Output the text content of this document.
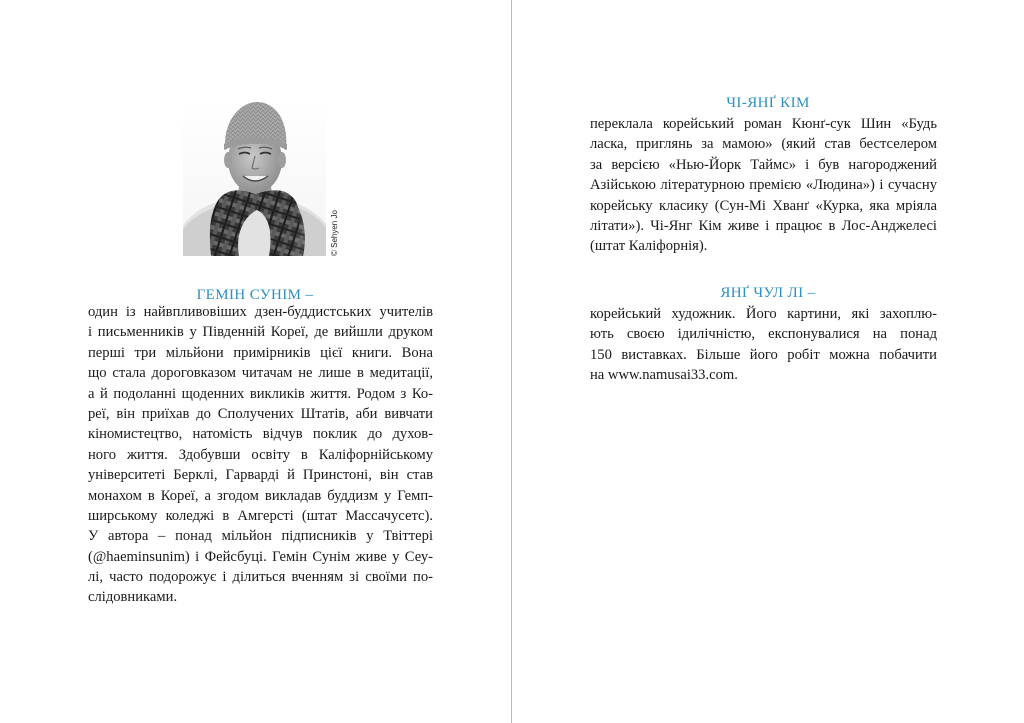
© Sehyen Jo
ГЕМІН СУНІМ –
один із найвпливовіших дзен-буддистських учителів
і письменників у Південній Кореї, де вийшли друком
перші три мільйони примірників цієї книги. Вона
що стала дороговказом читачам не лише в медитації,
а й подоланні щоденних викликів життя. Родом з Ко-
реї, він приїхав до Сполучених Штатів, аби вивчати
кіномистецтво, натомість відчув поклик до духов-
ного життя. Здобувши освіту в Каліфорнійському
університеті Берклі, Гарварді й Принстоні, він став
монахом в Кореї, а згодом викладав буддизм у Гемп-
ширському коледжі в Амгерсті (штат Массачусетс).
У автора – понад мільйон підписників у Твіттері
(@haeminsunim) і Фейсбуці. Гемін Сунім живе у Сеу-
лі, часто подорожує і ділиться вченням зі своїми по-
слідовниками.
ЧІ-ЯНҐ КІМ
переклала корейський роман Кюнґ-сук Шин «Будь
ласка, приглянь за мамою» (який став бестселером
за версією «Нью-Йорк Таймс» і був нагороджений
Азійською літературною премією «Людина») і сучасну
корейську класику (Сун-Мі Хванґ «Курка, яка мріяла
літати»). Чі-Янг Кім живе і працює в Лос-Анджелесі
(штат Каліфорнія).
ЯНҐ ЧУЛ ЛІ –
корейський художник. Його картини, які захоплю-
ють своєю ідилічністю, експонувалися на понад
150 виставках. Більше його робіт можна побачити
на www.namusai33.com.
